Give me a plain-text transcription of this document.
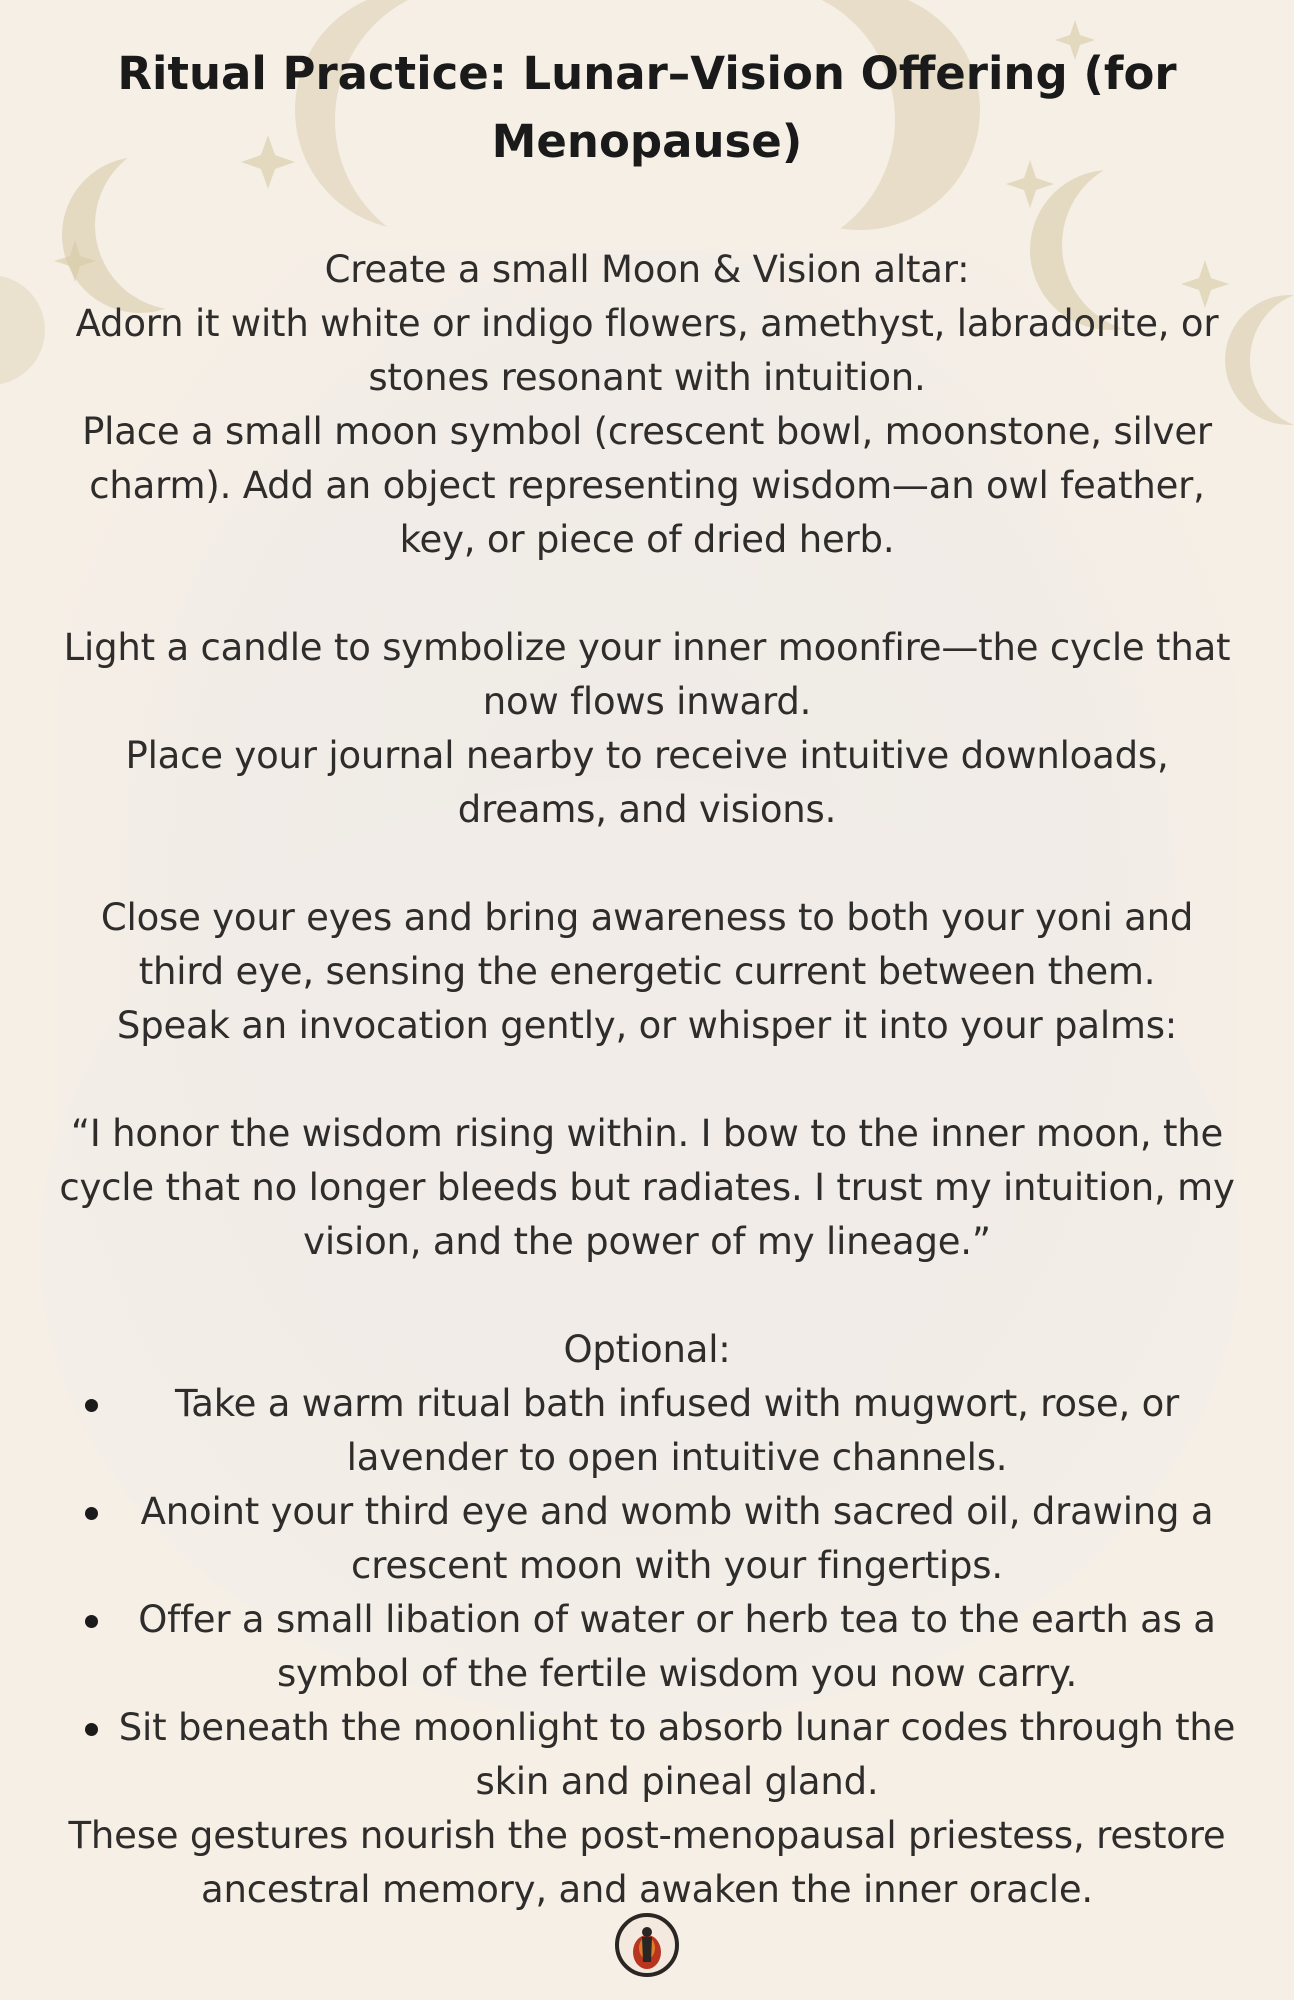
Ritual Practice: Lunar–Vision Offering (for Menopause)

Create a small Moon & Vision altar:

Adorn it with white or indigo flowers, amethyst, labradorite, or stones resonant with intuition.

Place a small moon symbol (crescent bowl, moonstone, silver charm). Add an object representing wisdom—an owl feather, key, or piece of dried herb.

Light a candle to symbolize your inner moonfire—the cycle that now flows inward.

Place your journal nearby to receive intuitive downloads, dreams, and visions.

Close your eyes and bring awareness to both your yoni and third eye, sensing the energetic current between them.

Speak an invocation gently, or whisper it into your palms:

“I honor the wisdom rising within. I bow to the inner moon, the cycle that no longer bleeds but radiates. I trust my intuition, my vision, and the power of my lineage.”

Optional:

Take a warm ritual bath infused with mugwort, rose, or lavender to open intuitive channels.
Anoint your third eye and womb with sacred oil, drawing a crescent moon with your fingertips.
Offer a small libation of water or herb tea to the earth as a symbol of the fertile wisdom you now carry.
Sit beneath the moonlight to absorb lunar codes through the skin and pineal gland.

These gestures nourish the post-menopausal priestess, restore ancestral memory, and awaken the inner oracle.
